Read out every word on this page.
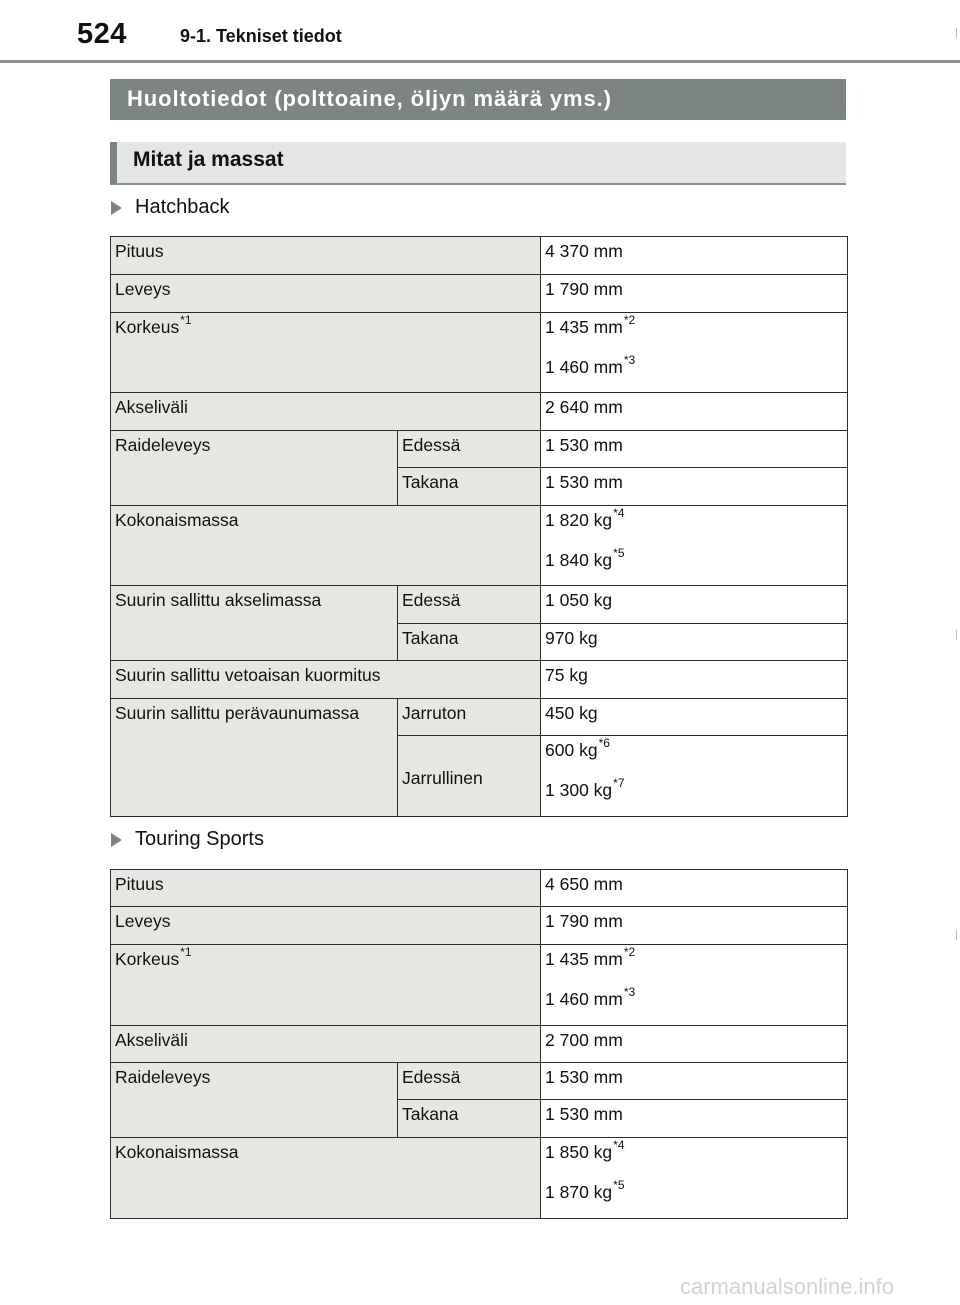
524	9-1. Tekniset tiedot
Huoltotiedot (polttoaine, öljyn määrä yms.)
Mitat ja massat
Hatchback
Pituus		4 370 mm
Leveys		1 790 mm
Korkeus$^{*1}$		1 435 $mm^{*2}$
1 460 $mm^{*3}$

Akseliväli		2 640 mm
Raideleveys	Edessä	1 530 mm
	Takana	1 530 mm
Kokonaismassa		1 820 $kg^{*4}$
1 840 $kg^{*5}$

Suurin sallittu akselimassa	Edessä	1 050 kg
	Takana	970 kg
Suurin sallittu vetoaisan kuormitus		75 kg
Suurin sallittu perävaunumassa	Jarruton	450 kg
	Jarrullinen	600 $kg^{*6}$
1 300 $kg^{*7}$
Touring Sports
Pituus		4 650 mm
Leveys		1 790 mm
Korkeus$^{*1}$		1 435 $mm^{*2}$
1 460 $mm^{*3}$

Akseliväli		2 700 mm
Raideleveys	Edessä	1 530 mm
	Takana	1 530 mm
Kokonaismassa		1 850 $kg^{*4}$
1 870 $kg^{*5}$
carmanualsonline.info
